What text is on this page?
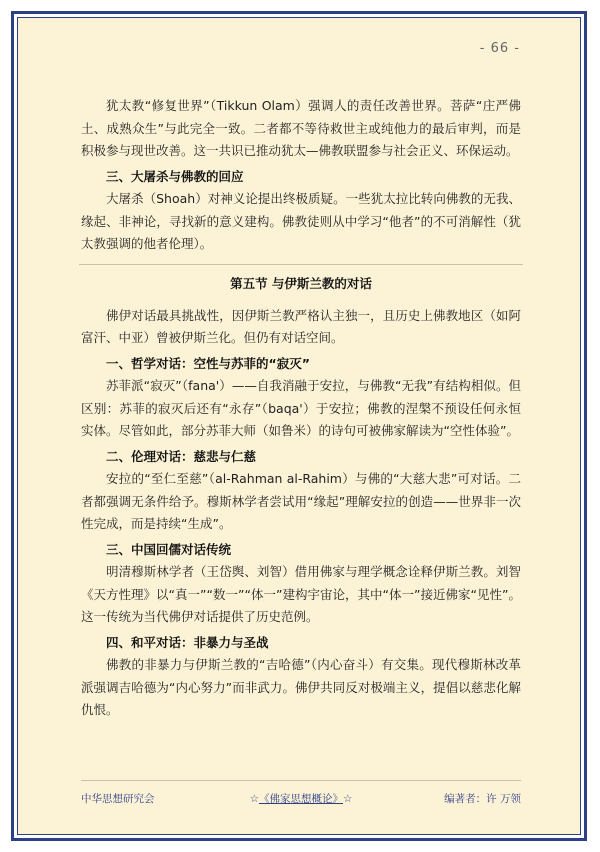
- 66 -

犹太教“修复世界”（Tikkun Olam）强调人的责任改善世界。菩萨“庄严佛土、成熟众生”与此完全一致。二者都不等待救世主或纯他力的最后审判，而是积极参与现世改善。这一共识已推动犹太—佛教联盟参与社会正义、环保运动。

三、大屠杀与佛教的回应

大屠杀（Shoah）对神义论提出终极质疑。一些犹太拉比转向佛教的无我、缘起、非神论，寻找新的意义建构。佛教徒则从中学习“他者”的不可消解性（犹太教强调的他者伦理）。

第五节 与伊斯兰教的对话

佛伊对话最具挑战性，因伊斯兰教严格认主独一，且历史上佛教地区（如阿富汗、中亚）曾被伊斯兰化。但仍有对话空间。

一、哲学对话：空性与苏菲的“寂灭”

苏菲派“寂灭”（fana'）——自我消融于安拉，与佛教“无我”有结构相似。但区别：苏菲的寂灭后还有“永存”（baqa'）于安拉；佛教的涅槃不预设任何永恒实体。尽管如此，部分苏菲大师（如鲁米）的诗句可被佛家解读为“空性体验”。

二、伦理对话：慈悲与仁慈

安拉的“至仁至慈”（al-Rahman al-Rahim）与佛的“大慈大悲”可对话。二者都强调无条件给予。穆斯林学者尝试用“缘起”理解安拉的创造——世界非一次性完成，而是持续“生成”。

三、中国回儒对话传统

明清穆斯林学者（王岱舆、刘智）借用佛家与理学概念诠释伊斯兰教。刘智《天方性理》以“真一”“数一”“体一”建构宇宙论，其中“体一”接近佛家“见性”。这一传统为当代佛伊对话提供了历史范例。

四、和平对话：非暴力与圣战

佛教的非暴力与伊斯兰教的“吉哈德”（内心奋斗）有交集。现代穆斯林改革派强调吉哈德为“内心努力”而非武力。佛伊共同反对极端主义，提倡以慈悲化解仇恨。

中华思想研究会	☆《佛家思想概论》☆	编著者：许 万领
